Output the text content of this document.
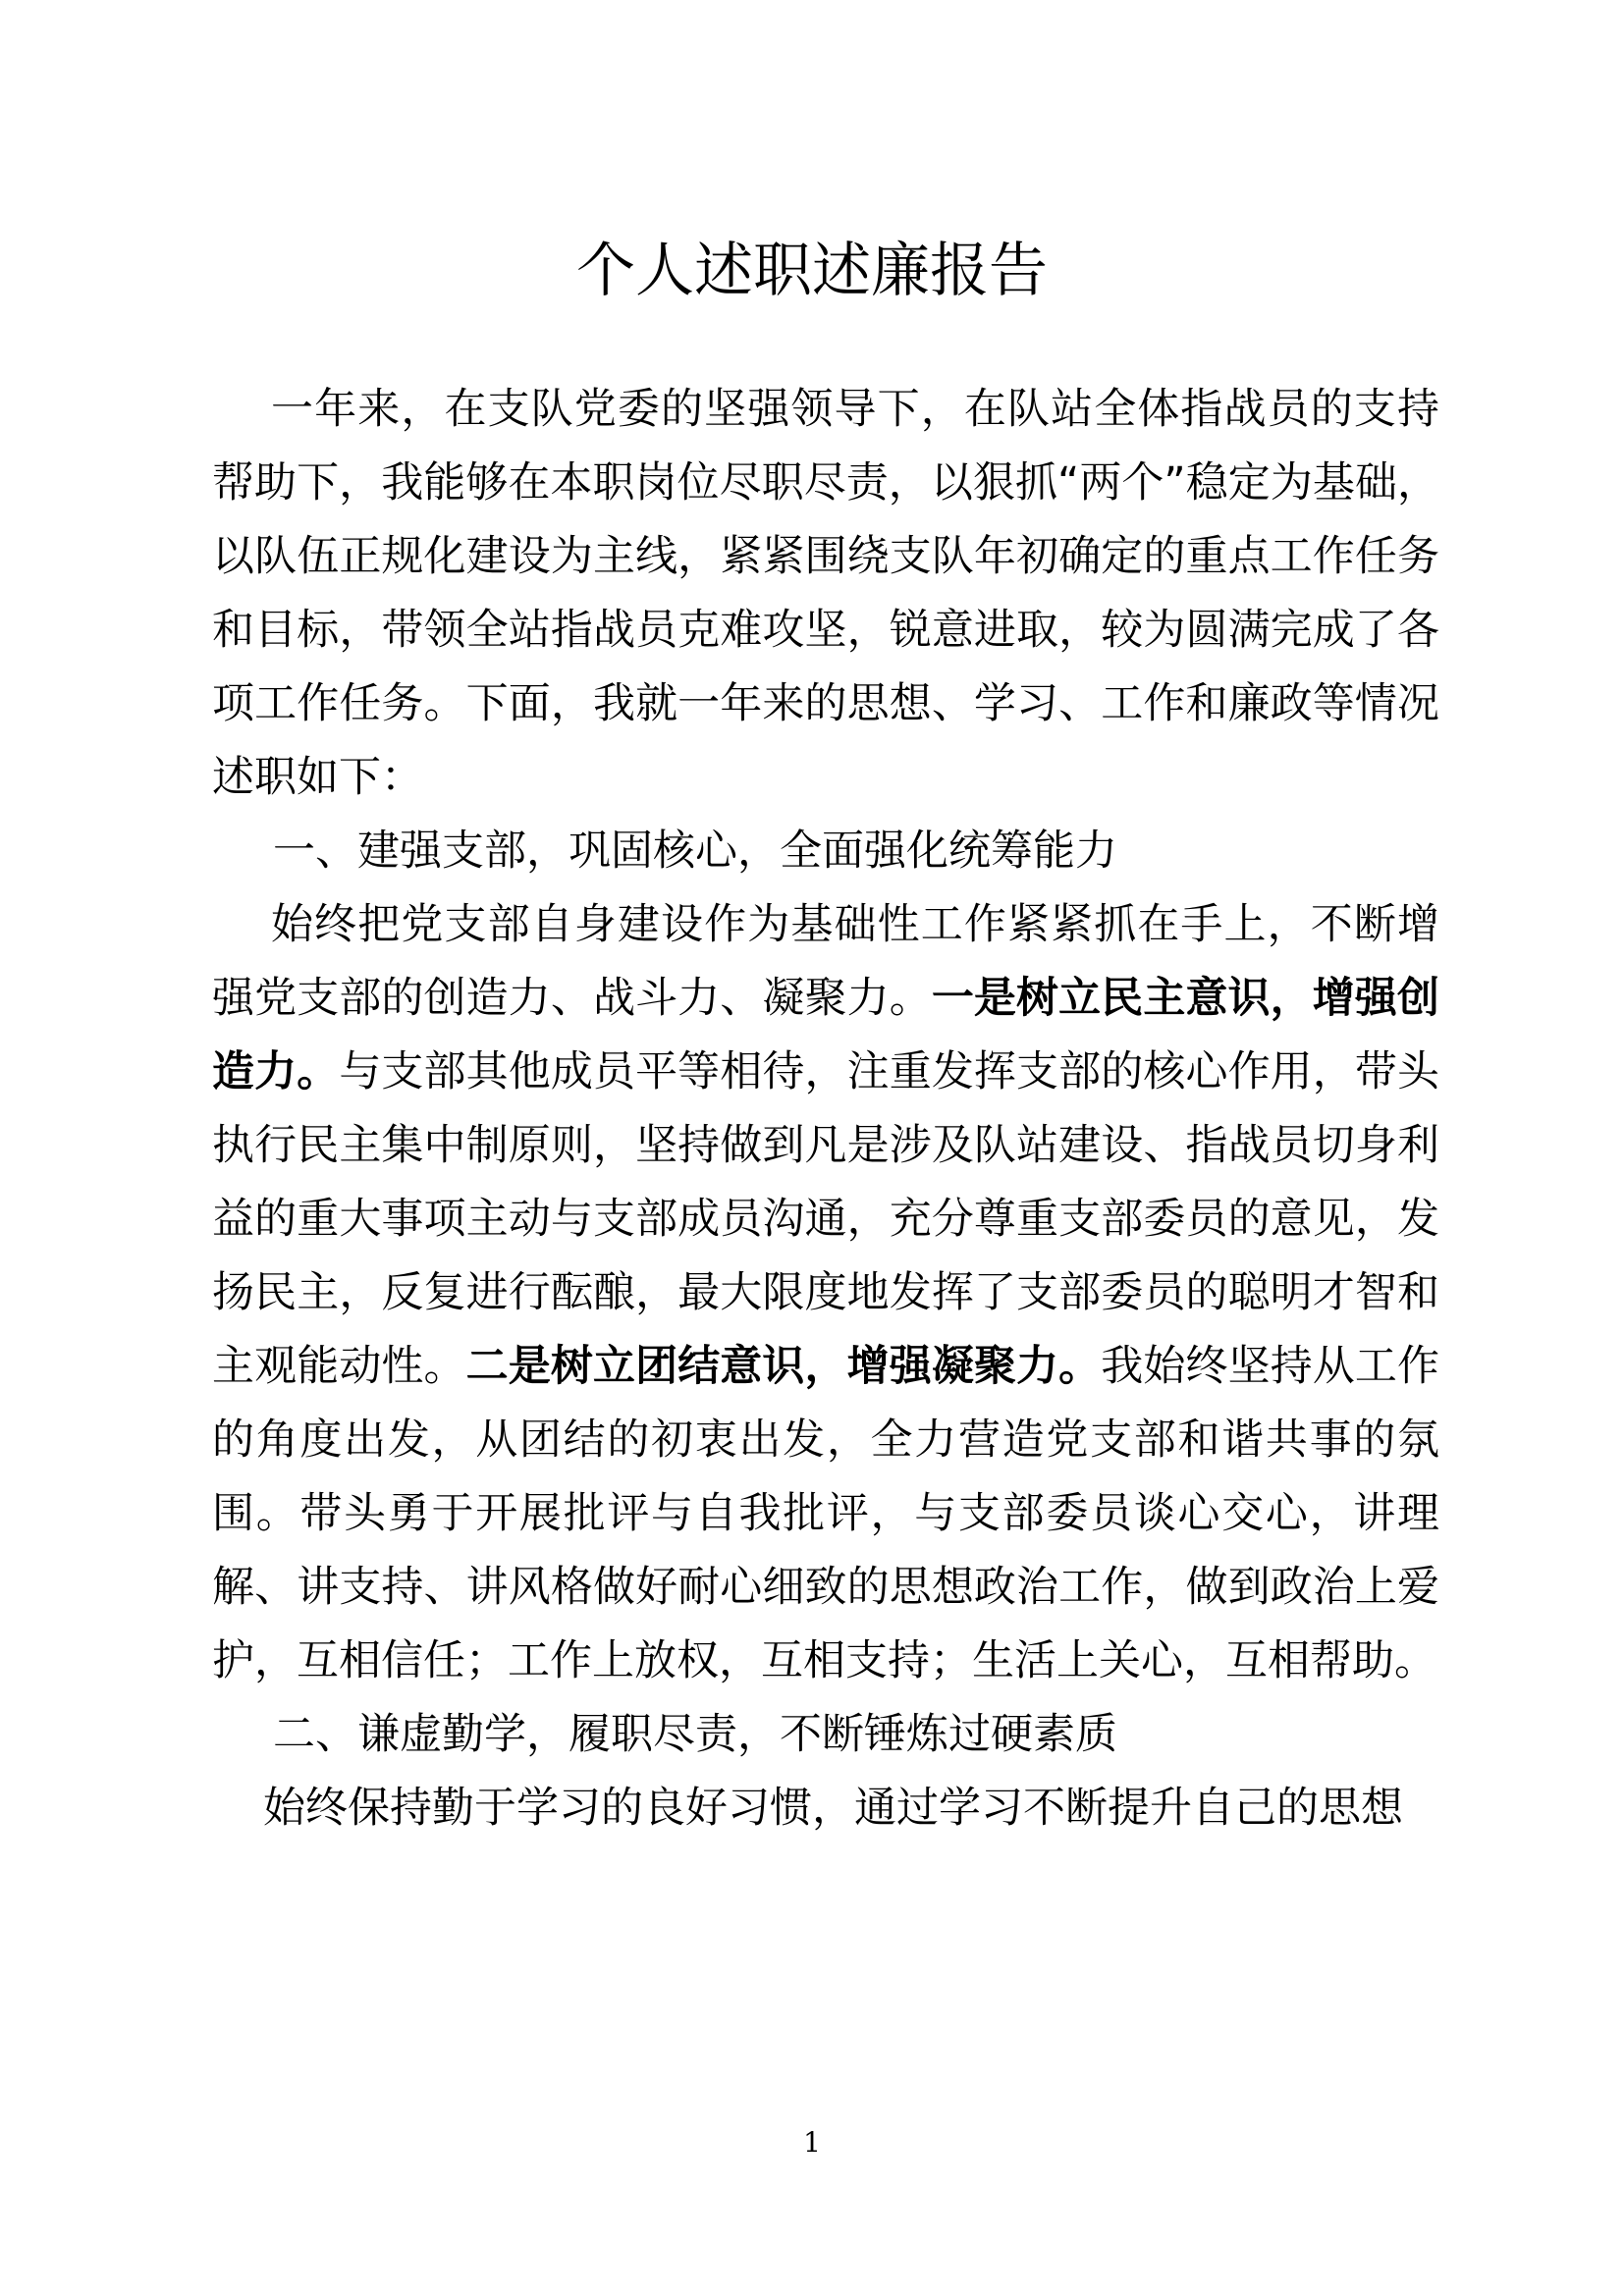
个人述职述廉报告

一年来，在支队党委的坚强领导下，在队站全体指战员的支持帮助下，我能够在本职岗位尽职尽责，以狠抓“两个”稳定为基础，以队伍正规化建设为主线，紧紧围绕支队年初确定的重点工作任务和目标，带领全站指战员克难攻坚，锐意进取，较为圆满完成了各项工作任务。下面，我就一年来的思想、学习、工作和廉政等情况述职如下：

一、建强支部，巩固核心，全面强化统筹能力

始终把党支部自身建设作为基础性工作紧紧抓在手上，不断增强党支部的创造力、战斗力、凝聚力。一是树立民主意识，增强创造力。与支部其他成员平等相待，注重发挥支部的核心作用，带头执行民主集中制原则，坚持做到凡是涉及队站建设、指战员切身利益的重大事项主动与支部成员沟通，充分尊重支部委员的意见，发扬民主，反复进行酝酿，最大限度地发挥了支部委员的聪明才智和主观能动性。二是树立团结意识，增强凝聚力。我始终坚持从工作的角度出发，从团结的初衷出发，全力营造党支部和谐共事的氛围。带头勇于开展批评与自我批评，与支部委员谈心交心，讲理解、讲支持、讲风格做好耐心细致的思想政治工作，做到政治上爱护，互相信任；工作上放权，互相支持；生活上关心，互相帮助。

二、谦虚勤学，履职尽责，不断锤炼过硬素质

始终保持勤于学习的良好习惯，通过学习不断提升自己的思想

1
